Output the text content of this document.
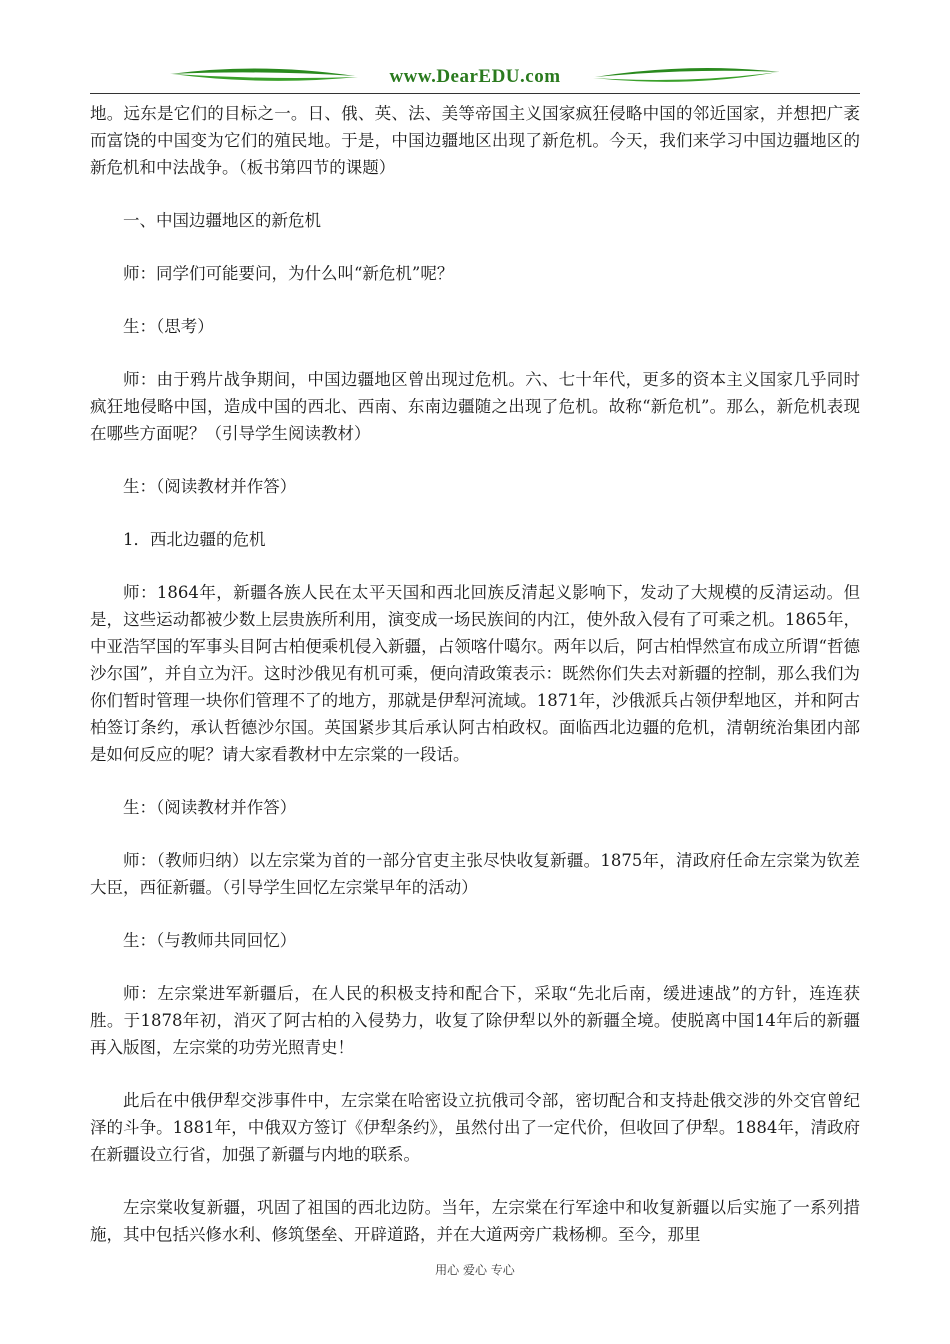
www.DearEDU.com

地。远东是它们的目标之一。日、俄、英、法、美等帝国主义国家疯狂侵略中国的邻近国家，并想把广袤而富饶的中国变为它们的殖民地。于是，中国边疆地区出现了新危机。今天，我们来学习中国边疆地区的新危机和中法战争。（板书第四节的课题）

一、中国边疆地区的新危机

师：同学们可能要问，为什么叫“新危机”呢？

生：（思考）

师：由于鸦片战争期间，中国边疆地区曾出现过危机。六、七十年代，更多的资本主义国家几乎同时疯狂地侵略中国，造成中国的西北、西南、东南边疆随之出现了危机。故称“新危机”。那么，新危机表现在哪些方面呢？（引导学生阅读教材）

生：（阅读教材并作答）

1．西北边疆的危机

师：1864年，新疆各族人民在太平天国和西北回族反清起义影响下，发动了大规模的反清运动。但是，这些运动都被少数上层贵族所利用，演变成一场民族间的内江，使外敌入侵有了可乘之机。1865年，中亚浩罕国的军事头目阿古柏便乘机侵入新疆，占领喀什噶尔。两年以后，阿古柏悍然宣布成立所谓“哲德沙尔国”，并自立为汗。这时沙俄见有机可乘，便向清政策表示：既然你们失去对新疆的控制，那么我们为你们暂时管理一块你们管理不了的地方，那就是伊犁河流域。1871年，沙俄派兵占领伊犁地区，并和阿古柏签订条约，承认哲德沙尔国。英国紧步其后承认阿古柏政权。面临西北边疆的危机，清朝统治集团内部是如何反应的呢？请大家看教材中左宗棠的一段话。

生：（阅读教材并作答）

师：（教师归纳）以左宗棠为首的一部分官吏主张尽快收复新疆。1875年，清政府任命左宗棠为钦差大臣，西征新疆。（引导学生回忆左宗棠早年的活动）

生：（与教师共同回忆）

师：左宗棠进军新疆后，在人民的积极支持和配合下，采取“先北后南，缓进速战”的方针，连连获胜。于1878年初，消灭了阿古柏的入侵势力，收复了除伊犁以外的新疆全境。使脱离中国14年后的新疆再入版图，左宗棠的功劳光照青史！

此后在中俄伊犁交涉事件中，左宗棠在哈密设立抗俄司令部，密切配合和支持赴俄交涉的外交官曾纪泽的斗争。1881年，中俄双方签订《伊犁条约》，虽然付出了一定代价，但收回了伊犁。1884年，清政府在新疆设立行省，加强了新疆与内地的联系。

左宗棠收复新疆，巩固了祖国的西北边防。当年，左宗棠在行军途中和收复新疆以后实施了一系列措施，其中包括兴修水利、修筑堡垒、开辟道路，并在大道两旁广栽杨柳。至今，那里

用心 爱心 专心
